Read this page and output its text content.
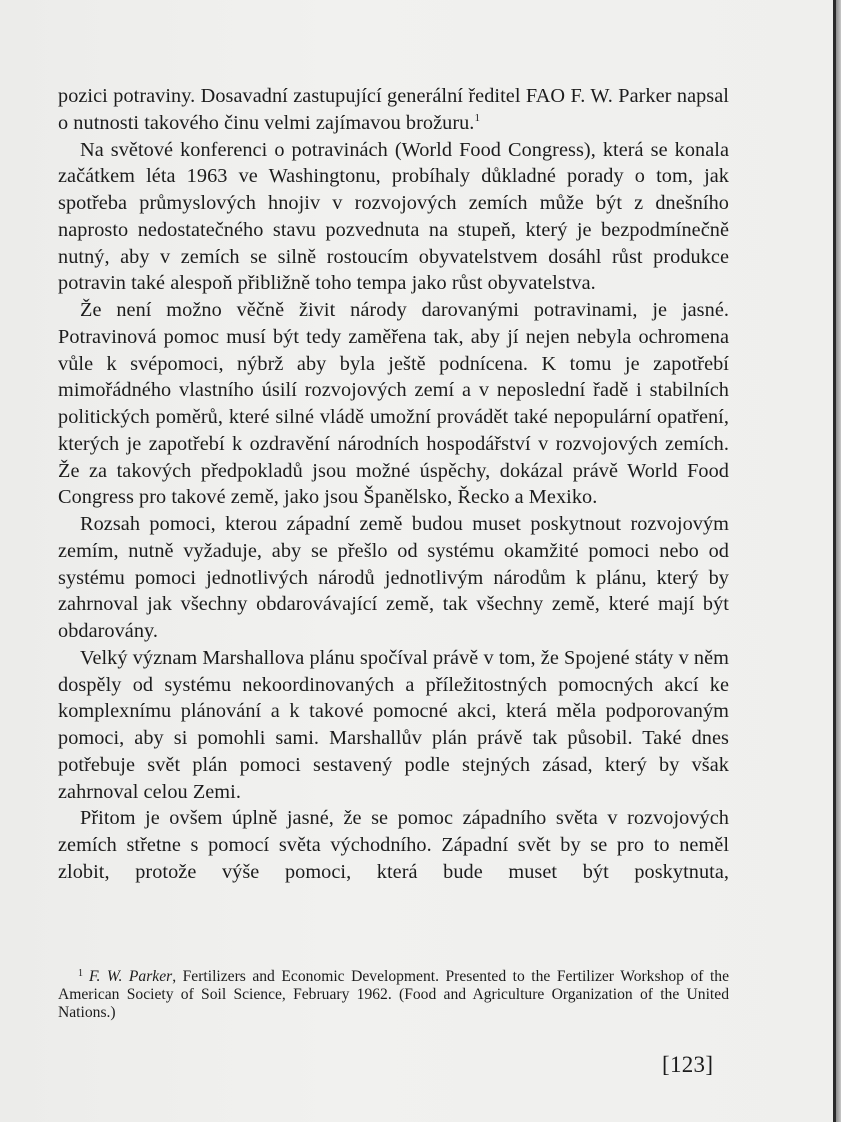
pozici potraviny. Dosavadní zastupující generální ředitel FAO F. W. Parker napsal o nutnosti takového činu velmi zajímavou brožuru.$^1$

Na světové konferenci o potravinách (World Food Congress), která se konala začátkem léta 1963 ve Washingtonu, probíhaly důkladné porady o tom, jak spotřeba průmyslových hnojiv v rozvojových zemích může být z dnešního naprosto nedostatečného stavu pozvednuta na stupeň, který je bezpodmínečně nutný, aby v zemích se silně rostoucím obyvatelstvem dosáhl růst produkce potravin také alespoň přibližně toho tempa jako růst obyvatelstva.

Že není možno věčně živit národy darovanými potravinami, je jasné. Potravinová pomoc musí být tedy zaměřena tak, aby jí nejen nebyla ochromena vůle k svépomoci, nýbrž aby byla ještě podnícena. K tomu je zapotřebí mimořádného vlastního úsilí rozvojových zemí a v neposlední řadě i stabilních politických poměrů, které silné vládě umožní provádět také nepopulární opatření, kterých je zapotřebí k ozdravění národních hospodářství v rozvojových zemích. Že za takových předpokladů jsou možné úspěchy, dokázal právě World Food Congress pro takové země, jako jsou Španělsko, Řecko a Mexiko.

Rozsah pomoci, kterou západní země budou muset poskytnout rozvojovým zemím, nutně vyžaduje, aby se přešlo od systému okamžité pomoci nebo od systému pomoci jednotlivých národů jednotlivým národům k plánu, který by zahrnoval jak všechny obdarovávající země, tak všechny země, které mají být obdarovány.

Velký význam Marshallova plánu spočíval právě v tom, že Spojené státy v něm dospěly od systému nekoordinovaných a příležitostných pomocných akcí ke komplexnímu plánování a k takové pomocné akci, která měla podporovaným pomoci, aby si pomohli sami. Marshallův plán právě tak působil. Také dnes potřebuje svět plán pomoci sestavený podle stejných zásad, který by však zahrnoval celou Zemi.

Přitom je ovšem úplně jasné, že se pomoc západního světa v rozvojových zemích střetne s pomocí světa východního. Západní svět by se pro to neměl zlobit, protože výše pomoci, která bude muset být poskytnuta,

$^1$ F. W. Parker, Fertilizers and Economic Development. Presented to the Fertilizer Workshop of the American Society of Soil Science, February 1962. (Food and Agriculture Organization of the United Nations.)

[123]
